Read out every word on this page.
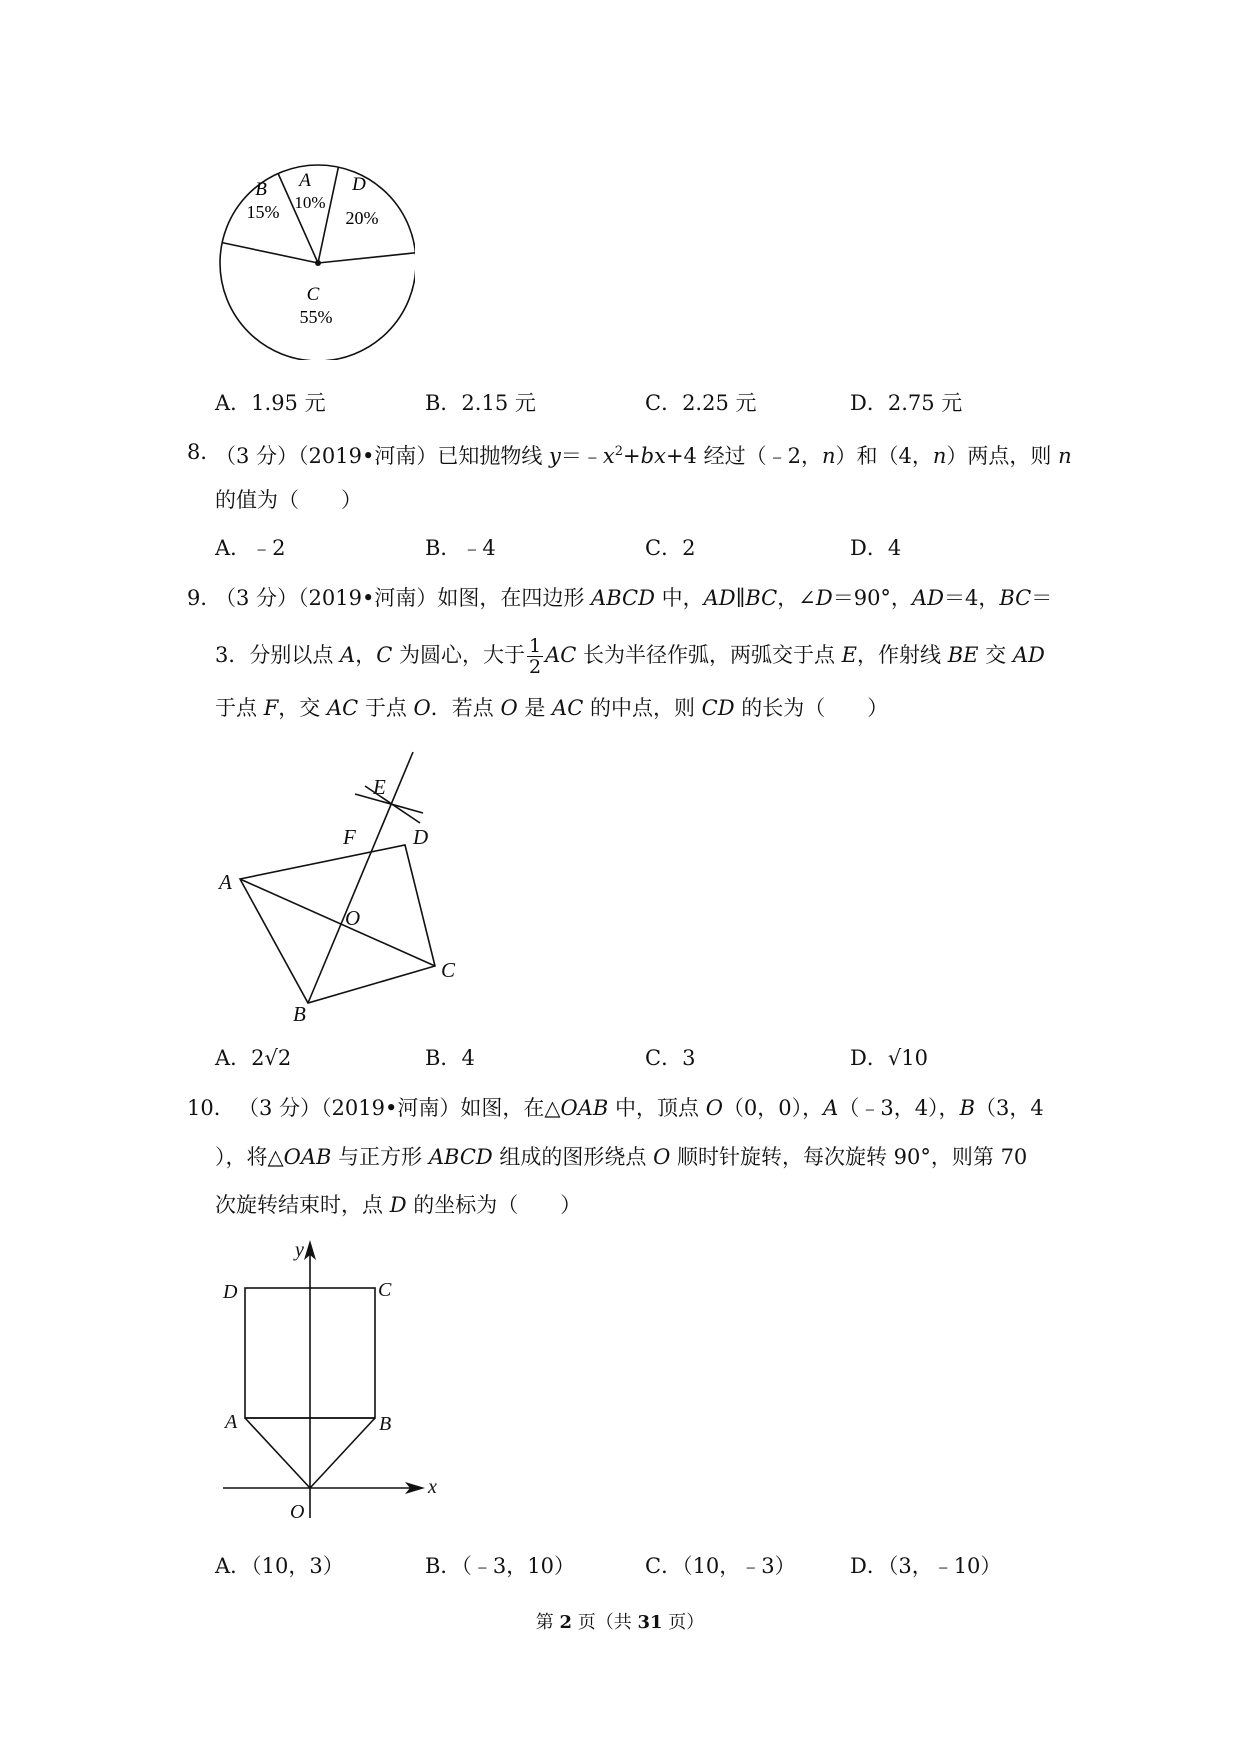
A
10%
B
15%
D
20%
C
55%
A．1.95 元	B．2.15 元	C．2.25 元	D．2.75 元
8．
（3 分）（2019•河南）已知抛物线 $y=﹣x^2+bx+4$ 经过（﹣2，n）和（4，n）两点，则 n
的值为（　　）
A．﹣2	B．﹣4	C．2	D．4
9．
（3 分）（2019•河南）如图，在四边形 ABCD 中，AD∥BC，∠D＝90°，AD＝4，BC＝
3．分别以点 A，C 为圆心，大于 $\frac{1}{2}$ AC 长为半径作弧，两弧交于点 E，作射线 BE 交 AD
于点 F，交 AC 于点 O．若点 O 是 AC 的中点，则 CD 的长为（　　）
E
F	D
A
O
C
B
A．2√2	B．4	C．3	D．√10
10． （3 分）（2019•河南）如图，在△OAB 中，顶点 O（0，0），A（﹣3，4），B（3，4
），将△OAB 与正方形 ABCD 组成的图形绕点 O 顺时针旋转，每次旋转 90°，则第 70
次旋转结束时，点 D 的坐标为（　　）
y
D	C
A	B
O
x
A．（10，3）	B．（﹣3，10）	C．（10，﹣3）	D．（3，﹣10）
第 2 页（共 31 页）
